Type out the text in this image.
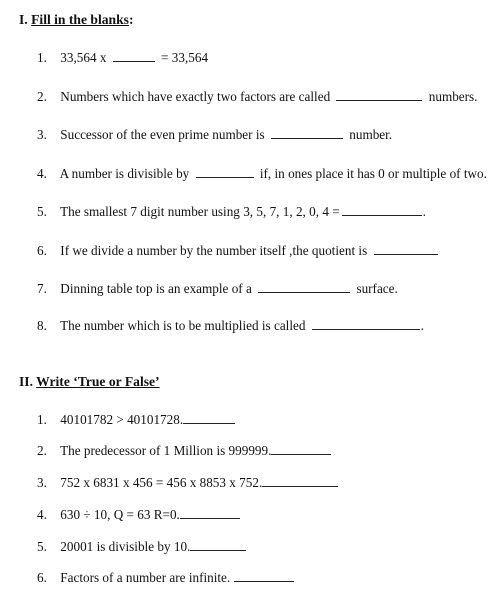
I. Fill in the blanks:
1. 33,564 x	= 33,564
2. Numbers which have exactly two factors are called	numbers.
3. Successor of the even prime number is	number.
4. A number is divisible by	if, in ones place it has 0 or multiple of two.
5. The smallest 7 digit number using 3, 5, 7, 1, 2, 0, 4 =	.
6. If we divide a number by the number itself ,the quotient is
7. Dinning table top is an example of a	surface.
8. The number which is to be multiplied is called	.
II. Write ‘True or False’
1. 40101782 > 40101728.
2. The predecessor of 1 Million is 999999.
3. 752 x 6831 x 456 = 456 x 8853 x 752.
4. 630 ÷ 10, Q = 63 R=0.
5. 20001 is divisible by 10.
6. Factors of a number are infinite.
